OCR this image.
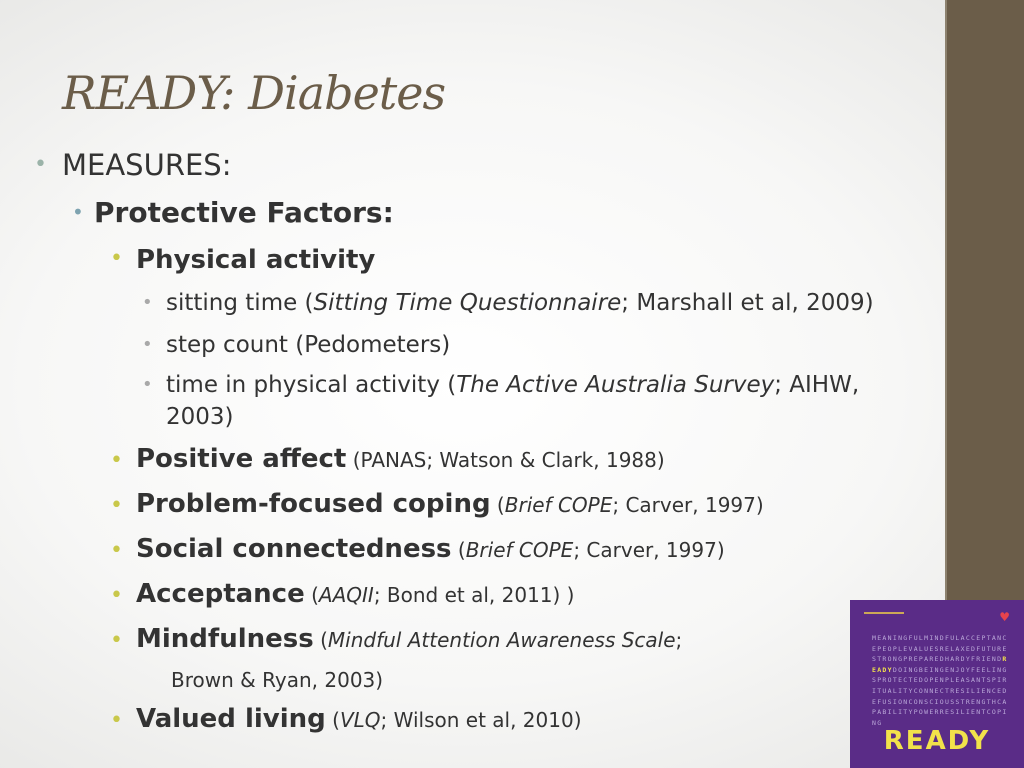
READY: Diabetes
• MEASURES:
• Protective Factors:
• Physical activity
• sitting time (Sitting Time Questionnaire; Marshall et al, 2009)
• step count (Pedometers)
• time in physical activity (The Active Australia Survey; AIHW,
2003)
• Positive affect (PANAS; Watson & Clark, 1988)
• Problem-focused coping (Brief COPE; Carver, 1997)
• Social connectedness (Brief COPE; Carver, 1997)
• Acceptance (AAQII; Bond et al, 2011) )
• Mindfulness (Mindful Attention Awareness Scale;
Brown & Ryan, 2003)
• Valued living (VLQ; Wilson et al, 2010)
♥
MEANINGFULMINDFULACCEPTANCEPEOPLEVALUESRELAXEDFUTURESTRONGPREPAREDHARDYFRIENDREADYDOINGBEINGENJOYFEELINGSPROTECTEDOPENPLEASANTSPIRITUALITYCONNECTRESILIENCEDEFUSIONCONSCIOUSSTRENGTHCAPABILITYPOWERRESILIENTCOPING
READY
